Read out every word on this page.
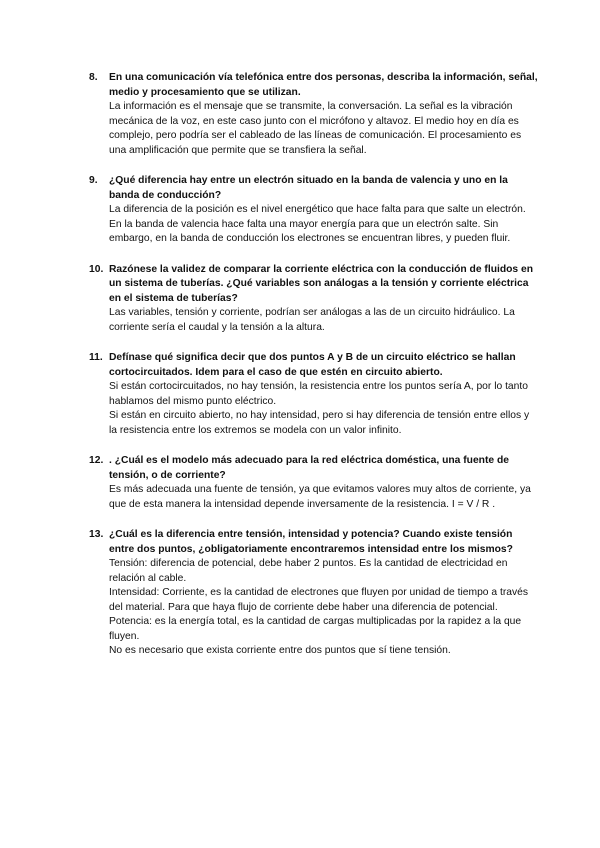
8.	En una comunicación vía telefónica entre dos personas, describa la información, señal, medio y procesamiento que se utilizan.

La información es el mensaje que se transmite, la conversación. La señal es la vibración mecánica de la voz, en este caso junto con el micrófono y altavoz. El medio hoy en día es complejo, pero podría ser el cableado de las líneas de comunicación. El procesamiento es una amplificación que permite que se transfiera la señal.

9.	¿Qué diferencia hay entre un electrón situado en la banda de valencia y uno en la banda de conducción?

La diferencia de la posición es el nivel energético que hace falta para que salte un electrón. En la banda de valencia hace falta una mayor energía para que un electrón salte. Sin embargo, en la banda de conducción los electrones se encuentran libres, y pueden fluir.

10. Razónese la validez de comparar la corriente eléctrica con la conducción de fluidos en un sistema de tuberías. ¿Qué variables son análogas a la tensión y corriente eléctrica en el sistema de tuberías?

Las variables, tensión y corriente, podrían ser análogas a las de un circuito hidráulico. La corriente sería el caudal y la tensión a la altura.

11. Defínase qué significa decir que dos puntos A y B de un circuito eléctrico se hallan cortocircuitados. Idem para el caso de que estén en circuito abierto.

Si están cortocircuitados, no hay tensión, la resistencia entre los puntos sería A, por lo tanto hablamos del mismo punto eléctrico.

Si están en circuito abierto, no hay intensidad, pero si hay diferencia de tensión entre ellos y la resistencia entre los extremos se modela con un valor infinito.

12. . ¿Cuál es el modelo más adecuado para la red eléctrica doméstica, una fuente de tensión, o de corriente?

Es más adecuada una fuente de tensión, ya que evitamos valores muy altos de corriente, ya que de esta manera la intensidad depende inversamente de la resistencia. I = V / R .

13. ¿Cuál es la diferencia entre tensión, intensidad y potencia? Cuando existe tensión entre dos puntos, ¿obligatoriamente encontraremos intensidad entre los mismos?

Tensión: diferencia de potencial, debe haber 2 puntos. Es la cantidad de electricidad en relación al cable.

Intensidad: Corriente, es la cantidad de electrones que fluyen por unidad de tiempo a través del material. Para que haya flujo de corriente debe haber una diferencia de potencial.

Potencia: es la energía total, es la cantidad de cargas multiplicadas por la rapidez a la que fluyen.

No es necesario que exista corriente entre dos puntos que sí tiene tensión.
